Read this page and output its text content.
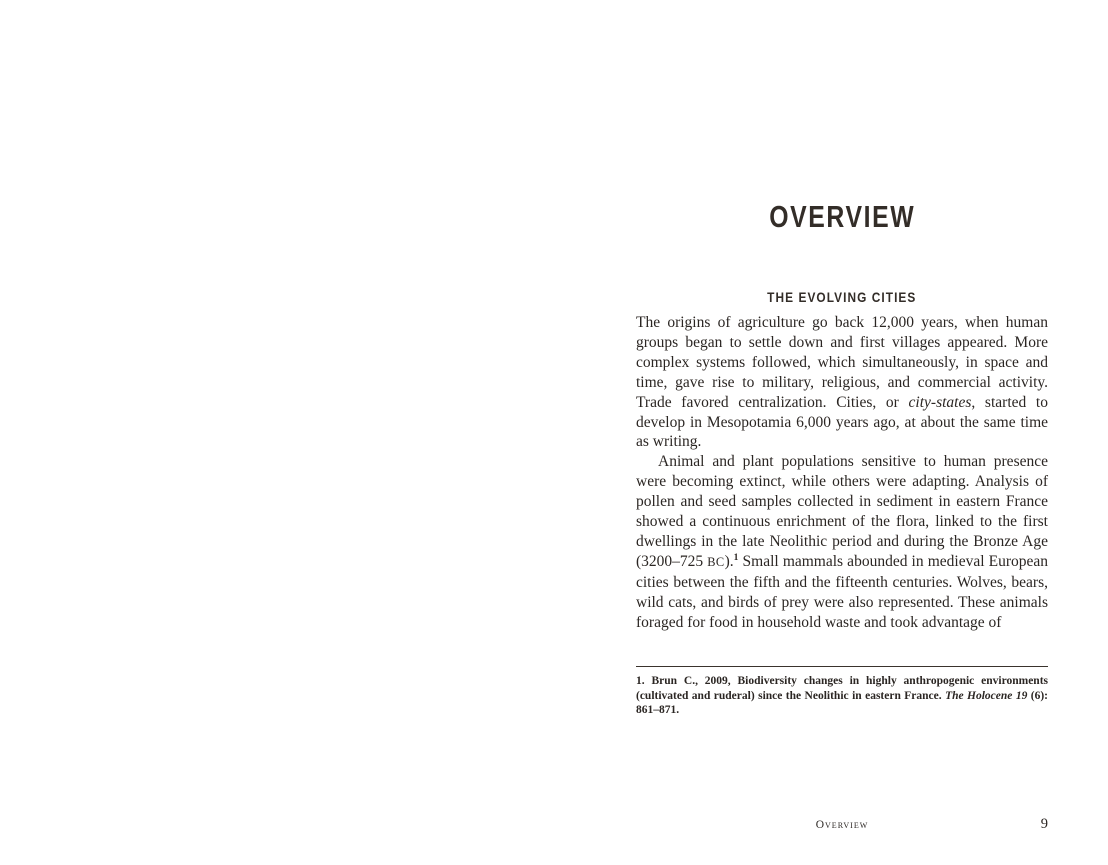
OVERVIEW
THE EVOLVING CITIES

The origins of agriculture go back 12,000 years, when human groups began to settle down and first villages appeared. More complex systems followed, which simultaneously, in space and time, gave rise to military, religious, and commercial activity. Trade favored centralization. Cities, or city-states, started to develop in Mesopotamia 6,000 years ago, at about the same time as writing.

Animal and plant populations sensitive to human presence were becoming extinct, while others were adapting. Analysis of pollen and seed samples collected in sediment in eastern France showed a continuous enrichment of the flora, linked to the first dwellings in the late Neolithic period and during the Bronze Age (3200–725 BC).$^1$ Small mammals abounded in medieval European cities between the fifth and the fifteenth centuries. Wolves, bears, wild cats, and birds of prey were also represented. These animals foraged for food in household waste and took advantage of

1. Brun C., 2009, Biodiversity changes in highly anthropogenic environments (cultivated and ruderal) since the Neolithic in eastern France. The Holocene 19 (6): 861–871.
Overview	9
